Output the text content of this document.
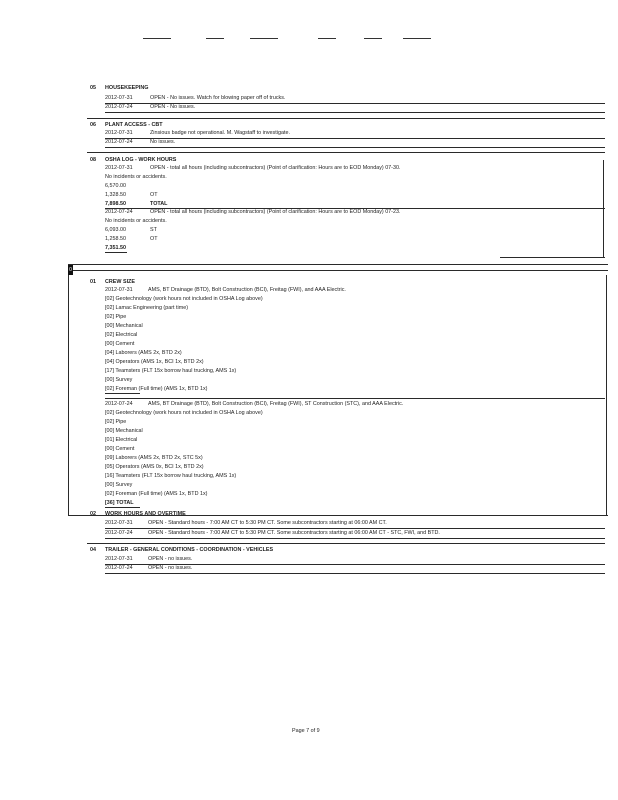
05 HOUSEKEEPING
2012-07-31	OPEN - No issues. Watch for blowing paper off of trucks.
2012-07-24	OPEN - No issues.
06 PLANT ACCESS - CBT
2012-07-31	Zinsious badge not operational. M. Wagstaff to investigate.
2012-07-24	No issues.
08 OSHA LOG - WORK HOURS
2012-07-31	OPEN - total all hours (including subcontractors) (Point of clarification: Hours are to EOD Monday) 07-30.
No incidents or accidents.
6,570.00
1,328.50	OT
7,898.50	TOTAL
2012-07-24	OPEN - total all hours (including subcontractors) (Point of clarification: Hours are to EOD Monday) 07-23.
No incidents or accidents.
6,093.00	ST
1,258.50	OT
7,351.50
0
01 CREW SIZE
2012-07-31	AMS, BT Drainage (BTD), Bolt Construction (BCI), Freitag (FWI), and AAA Electric.
[02] Geotechnology (work hours not included in OSHA Log above)
[02] Lamac Engineering (part time)
[02] Pipe
[00] Mechanical
[02] Electrical
[00] Cement
[04] Laborers (AMS 2x, BTD 2x)
[04] Operators (AMS 1x, BCI 1x, BTD 2x)
[17] Teamsters (FLT 15x borrow haul trucking, AMS 1x)
[00] Survey
[02] Foreman (Full time) (AMS 1x, BTD 1x)
2012-07-24	AMS, BT Drainage (BTD), Bolt Construction (BCI), Freitag (FWI), ST Construction (STC), and AAA Electric.
[02] Geotechnology (work hours not included in OSHA Log above)
[02] Pipe
[00] Mechanical
[01] Electrical
[00] Cement
[09] Laborers (AMS 2x, BTD 2x, STC 5x)
[05] Operators (AMS 0x, BCI 1x, BTD 2x)
[16] Teamsters (FLT 15x borrow haul trucking, AMS 1x)
[00] Survey
[02] Foreman (Full time) (AMS 1x, BTD 1x)
[36] TOTAL
02 WORK HOURS AND OVERTIME
2012-07-31	OPEN - Standard hours - 7:00 AM CT to 5:30 PM CT. Some subcontractors starting at 06:00 AM CT.
2012-07-24	OPEN - Standard hours - 7:00 AM CT to 5:30 PM CT. Some subcontractors starting at 06:00 AM CT - STC, FWI, and BTD.
04 TRAILER - GENERAL CONDITIONS - COORDINATION - VEHICLES
2012-07-31	OPEN - no issues.
2012-07-24	OPEN - no issues.
Page 7 of 9
